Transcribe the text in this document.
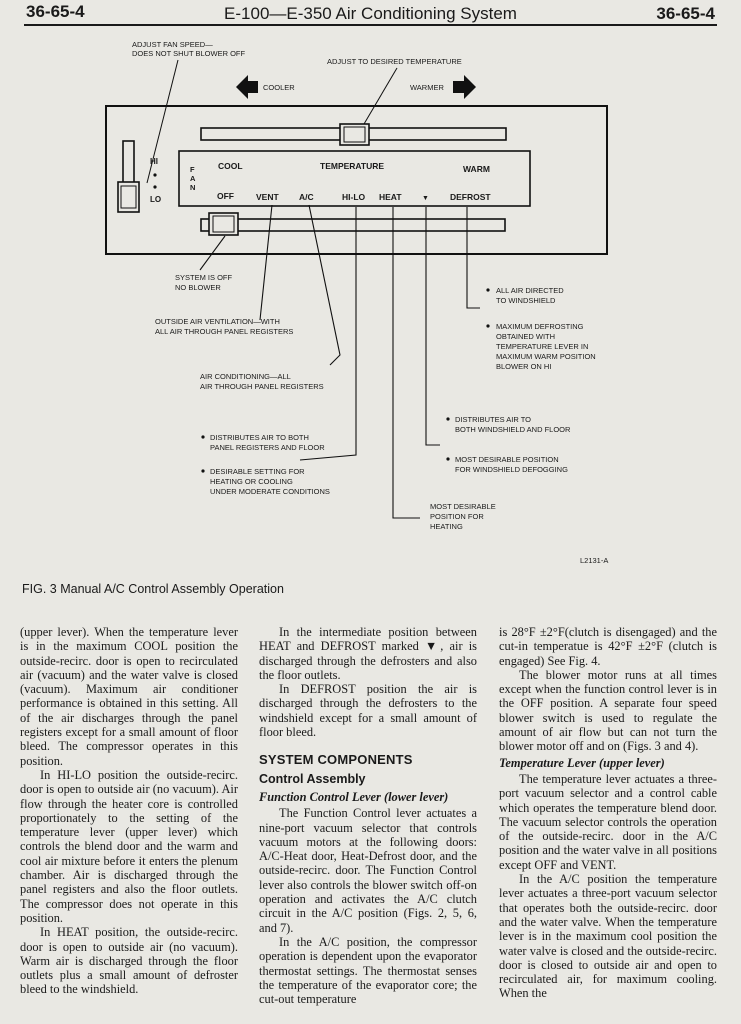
36-65-4	E-100—E-350 Air Conditioning System	36-65-4
ADJUST FAN SPEED—
DOES NOT SHUT BLOWER OFF
ADJUST TO DESIRED TEMPERATURE
COOLER	WARMER
HI
LO
F
A
N
COOL	TEMPERATURE	WARM
OFF	VENT A/C	HI-LO HEAT	▼ DEFROST
SYSTEM IS OFF
NO BLOWER
OUTSIDE AIR VENTILATION—WITH
ALL AIR THROUGH PANEL REGISTERS
AIR CONDITIONING—ALL
AIR THROUGH PANEL REGISTERS
ALL AIR DIRECTED
TO WINDSHIELD
MAXIMUM DEFROSTING
OBTAINED WITH
TEMPERATURE LEVER IN
MAXIMUM WARM POSITION
BLOWER ON HI
DISTRIBUTES AIR TO
BOTH WINDSHIELD AND FLOOR
MOST DESIRABLE POSITION
FOR WINDSHIELD DEFOGGING
DISTRIBUTES AIR TO BOTH
PANEL REGISTERS AND FLOOR
DESIRABLE SETTING FOR
HEATING OR COOLING
UNDER MODERATE CONDITIONS
MOST DESIRABLE
POSITION FOR
HEATING
L2131-A
FIG. 3 Manual A/C Control Assembly Operation

(upper lever). When the temperature lever is in the maximum COOL position the outside-recirc. door is open to recirculated air (vacuum) and the water valve is closed (vacuum). Maximum air conditioner performance is obtained in this setting. All of the air discharges through the panel registers except for a small amount of floor bleed. The compressor operates in this position.

In HI-LO position the outside-recirc. door is open to outside air (no vacuum). Air flow through the heater core is controlled proportionately to the setting of the temperature lever (upper lever) which controls the blend door and the warm and cool air mixture before it enters the plenum chamber. Air is discharged through the panel registers and also the floor outlets. The compressor does not operate in this position.

In HEAT position, the outside-recirc. door is open to outside air (no vacuum). Warm air is discharged through the floor outlets plus a small amount of defroster bleed to the windshield.

In the intermediate position between HEAT and DEFROST marked ▼, air is discharged through the defrosters and also the floor outlets.

In DEFROST position the air is discharged through the defrosters to the windshield except for a small amount of floor bleed.

SYSTEM COMPONENTS
Control Assembly
Function Control Lever (lower lever)

The Function Control lever actuates a nine-port vacuum selector that controls vacuum motors at the following doors: A/C-Heat door, Heat-Defrost door, and the outside-recirc. door. The Function Control lever also controls the blower switch off-on operation and activates the A/C clutch circuit in the A/C position (Figs. 2, 5, 6, and 7).

In the A/C position, the compressor operation is dependent upon the evaporator thermostat settings. The thermostat senses the temperature of the evaporator core; the cut-out temperature

is 28°F ±2°F(clutch is disengaged) and the cut-in temperatue is 42°F ±2°F (clutch is engaged) See Fig. 4.

The blower motor runs at all times except when the function control lever is in the OFF position. A separate four speed blower switch is used to regulate the amount of air flow but can not turn the blower motor off and on (Figs. 3 and 4).

Temperature Lever (upper lever)

The temperature lever actuates a three-port vacuum selector and a control cable which operates the temperature blend door. The vacuum selector controls the operation of the outside-recirc. door in the A/C position and the water valve in all positions except OFF and VENT.

In the A/C position the temperature lever actuates a three-port vacuum selector that operates both the outside-recirc. door and the water valve. When the temperature lever is in the maximum cool position the water valve is closed and the outside-recirc. door is closed to outside air and open to recirculated air, for maximum cooling. When the
